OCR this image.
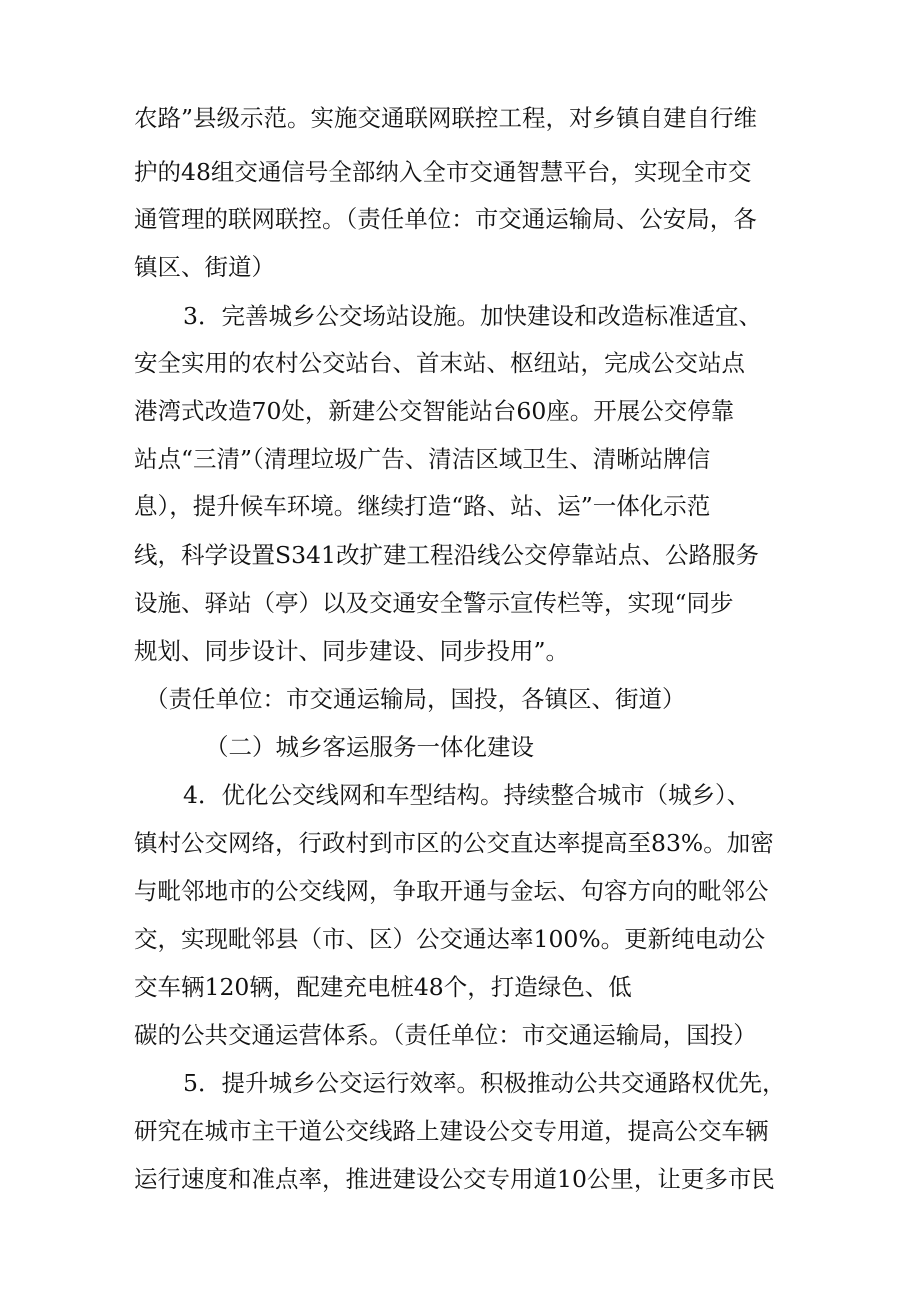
农路”县级示范。实施交通联网联控工程，对乡镇自建自行维
护的48组交通信号全部纳入全市交通智慧平台，实现全市交
通管理的联网联控。（责任单位：市交通运输局、公安局，各
镇区、街道）
3．完善城乡公交场站设施。加快建设和改造标准适宜、
安全实用的农村公交站台、首末站、枢纽站，完成公交站点
港湾式改造70处，新建公交智能站台60座。开展公交停靠
站点“三清”（清理垃圾广告、清洁区域卫生、清晰站牌信
息），提升候车环境。继续打造“路、站、运”一体化示范
线，科学设置S341改扩建工程沿线公交停靠站点、公路服务
设施、驿站（亭）以及交通安全警示宣传栏等，实现“同步
规划、同步设计、同步建设、同步投用”。
（责任单位：市交通运输局，国投，各镇区、街道）
（二）城乡客运服务一体化建设
4．优化公交线网和车型结构。持续整合城市（城乡）、
镇村公交网络，行政村到市区的公交直达率提高至83%。加密
与毗邻地市的公交线网，争取开通与金坛、句容方向的毗邻公
交，实现毗邻县（市、区）公交通达率100%。更新纯电动公
交车辆120辆，配建充电桩48个，打造绿色、低
碳的公共交通运营体系。（责任单位：市交通运输局，国投）
5．提升城乡公交运行效率。积极推动公共交通路权优先，
研究在城市主干道公交线路上建设公交专用道，提高公交车辆
运行速度和准点率，推进建设公交专用道10公里，让更多市民
